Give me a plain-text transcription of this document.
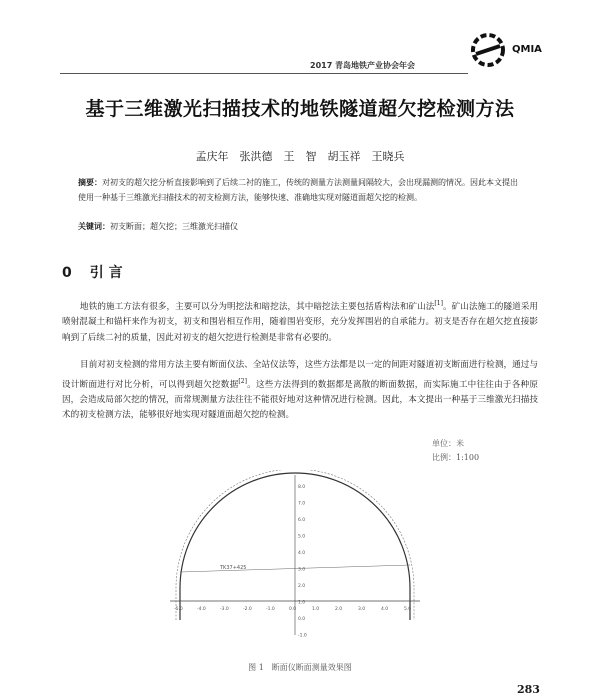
2017 青岛地铁产业协会年会
QMIA
基于三维激光扫描技术的地铁隧道超欠挖检测方法
孟庆年　张洪德　王　智　胡玉祥　王晓兵
摘要：对初支的超欠挖分析直接影响到了后续二衬的施工，传统的测量方法测量间隔较大，会出现漏测的情况。因此本文提出使用一种基于三维激光扫描技术的初支检测方法，能够快速、准确地实现对隧道面超欠挖的检测。
关键词：初支断面；超欠挖；三维激光扫描仪
0 引 言
地铁的施工方法有很多，主要可以分为明挖法和暗挖法，其中暗挖法主要包括盾构法和矿山法[1]。矿山法施工的隧道采用喷射混凝土和锚杆来作为初支，初支和围岩相互作用，随着围岩变形，充分发挥围岩的自承能力。初支是否存在超欠挖直接影响到了后续二衬的质量，因此对初支的超欠挖进行检测是非常有必要的。
目前对初支检测的常用方法主要有断面仪法、全站仪法等，这些方法都是以一定的间距对隧道初支断面进行检测，通过与设计断面进行对比分析，可以得到超欠挖数据[2]。这些方法得到的数据都是离散的断面数据，而实际施工中往往由于各种原因，会造成局部欠挖的情况，而常规测量方法往往不能很好地对这种情况进行检测。因此，本文提出一种基于三维激光扫描技术的初支检测方法，能够很好地实现对隧道面超欠挖的检测。
单位：米
比例：1:100
TK37+425
8.0
7.0
6.0
5.0
4.0
3.0
2.0
1.0
0.0
-1.0
-5.0	-4.0	-3.0	-2.0	-1.0	0.0	1.0	2.0	3.0	4.0	5.0
图 1　断面仪断面测量效果图
283
